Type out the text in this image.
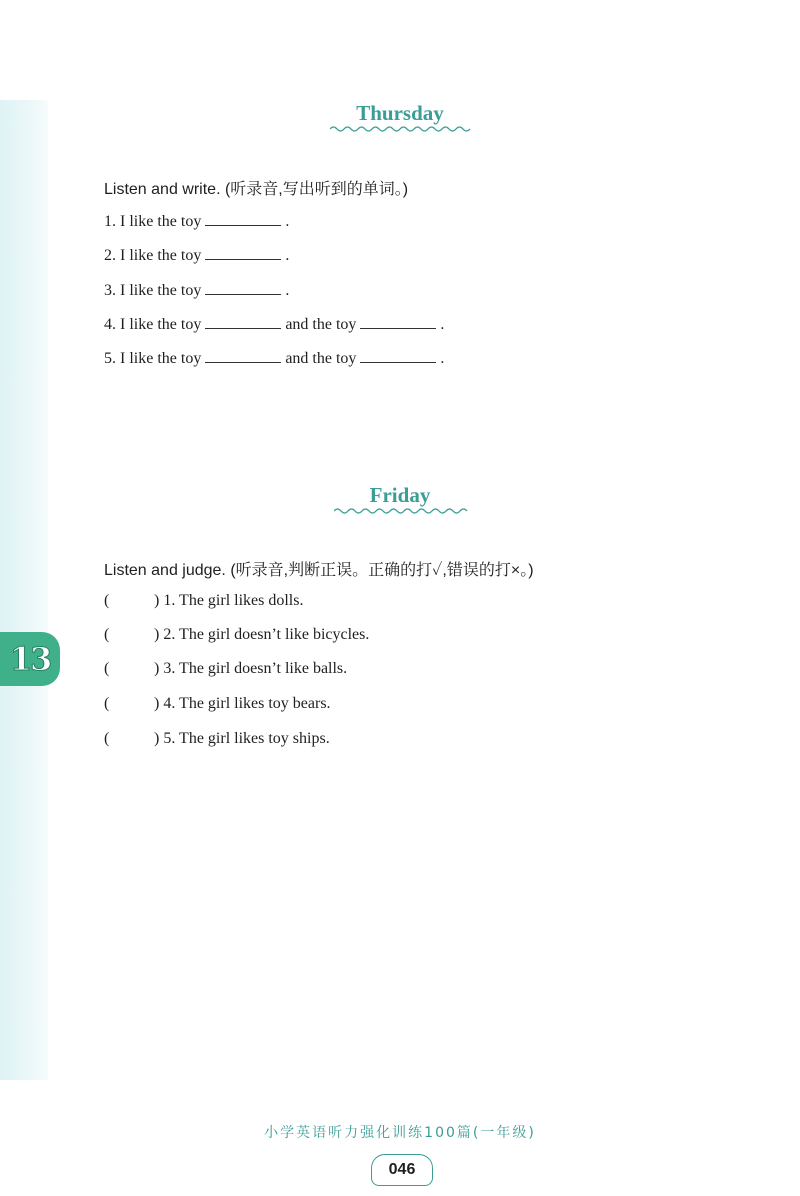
13
Thursday
Listen and write. (听录音,写出听到的单词。)
1. I like the toy	.
2. I like the toy	.
3. I like the toy	.
4. I like the toy	and the toy	.
5. I like the toy	and the toy	.
Friday
Listen and judge. (听录音,判断正误。正确的打✓,错误的打×。)
(	) 1. The girl likes dolls.
(	) 2. The girl doesn’t like bicycles.
(	) 3. The girl doesn’t like balls.
(	) 4. The girl likes toy bears.
(	) 5. The girl likes toy ships.
小学英语听力强化训练100篇(一年级)
046
